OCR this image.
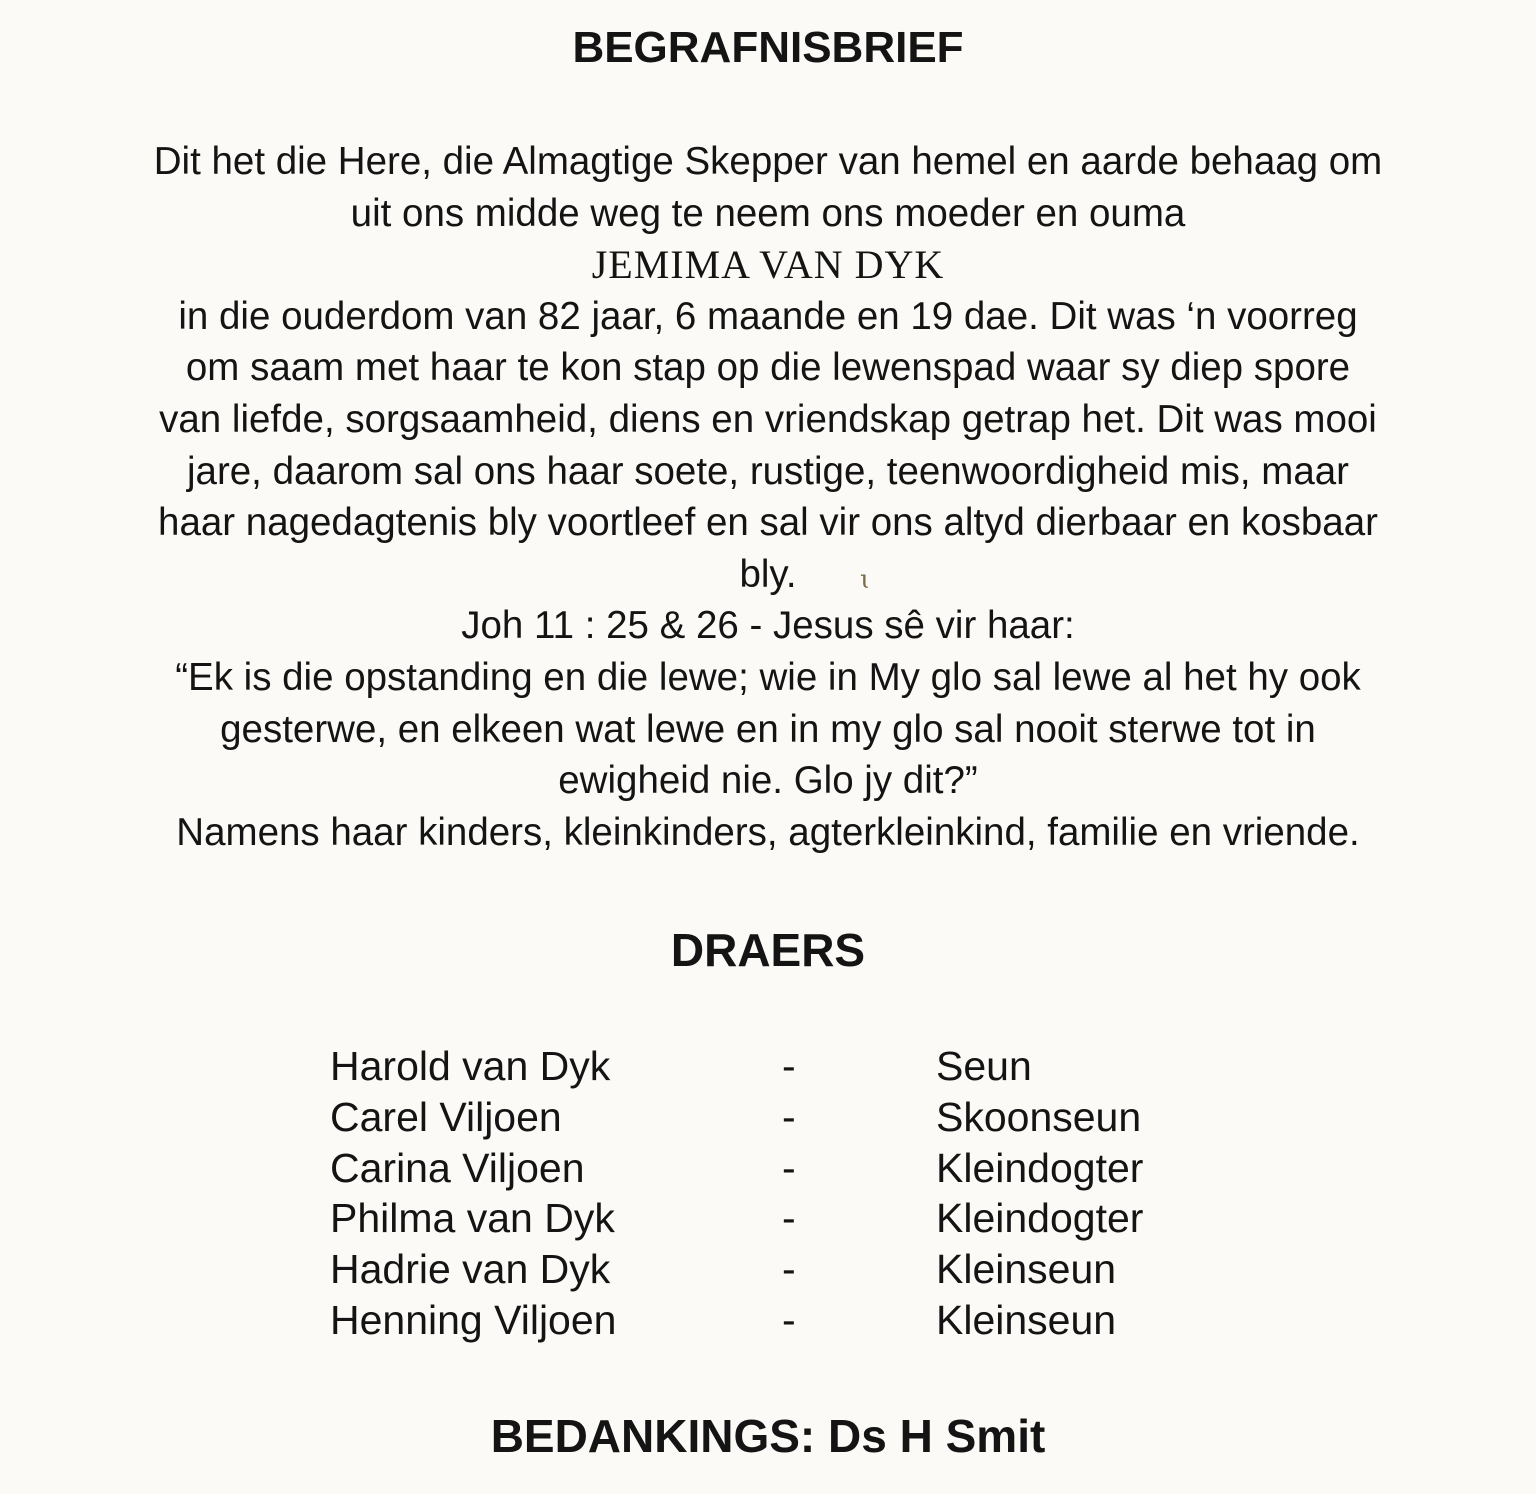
BEGRAFNISBRIEF
Dit het die Here, die Almagtige Skepper van hemel en aarde behaag om
uit ons midde weg te neem ons moeder en ouma
JEMIMA VAN DYK
in die ouderdom van 82 jaar, 6 maande en 19 dae. Dit was ‘n voorreg
om saam met haar te kon stap op die lewenspad waar sy diep spore
van liefde, sorgsaamheid, diens en vriendskap getrap het. Dit was mooi
jare, daarom sal ons haar soete, rustige, teenwoordigheid mis, maar
haar nagedagtenis bly voortleef en sal vir ons altyd dierbaar en kosbaar
bly.
Joh 11 : 25 & 26 - Jesus sê vir haar:
“Ek is die opstanding en die lewe; wie in My glo sal lewe al het hy ook
gesterwe, en elkeen wat lewe en in my glo sal nooit sterwe tot in
ewigheid nie. Glo jy dit?”
Namens haar kinders, kleinkinders, agterkleinkind, familie en vriende.
ɩ
DRAERS
Harold van Dyk	-	Seun
Carel Viljoen	-	Skoonseun
Carina Viljoen	-	Kleindogter
Philma van Dyk	-	Kleindogter
Hadrie van Dyk	-	Kleinseun
Henning Viljoen	-	Kleinseun
BEDANKINGS: Ds H Smit
